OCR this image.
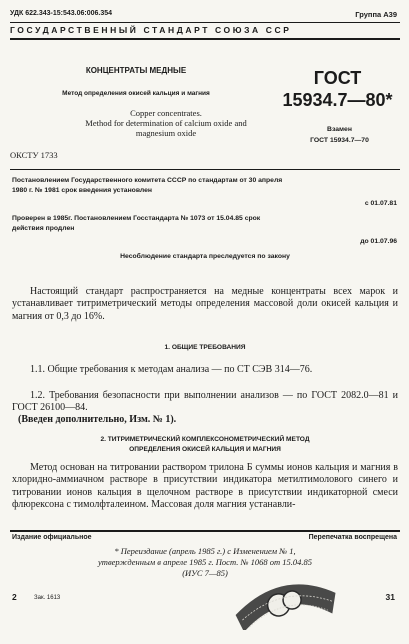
УДК 622.343-15:543.06:006.354	Группа А39
ГОСУДАРСТВЕННЫЙ СТАНДАРТ СОЮЗА ССР
КОНЦЕНТРАТЫ МЕДНЫЕ
Метод определения окисей кальция и магния
Copper concentrates.
Method for determination of calcium oxide and
magnesium oxide
ГОСТ
15934.7—80*
Взамен
ГОСТ 15934.7—70
ОКСТУ 1733
Постановлением Государственного комитета СССР по стандартам от 30 апреля
1980 г. № 1981 срок введения установлен
с 01.07.81
Проверен в 1985г. Постановлением Госстандарта № 1073 от 15.04.85 срок
действия продлен
до 01.07.96
Несоблюдение стандарта преследуется по закону
Настоящий стандарт распространяется на медные концентраты всех марок и устанавливает титриметрический методы определения массовой доли окисей кальция и магния от 0,3 до 16%.
1. ОБЩИЕ ТРЕБОВАНИЯ
1.1. Общие требования к методам анализа — по СТ СЭВ 314—76.
1.2. Требования безопасности при выполнении анализов — по ГОСТ 2082.0—81 и ГОСТ 26100—84.
(Введен дополнительно, Изм. № 1).
2. ТИТРИМЕТРИЧЕСКИЙ КОМПЛЕКСОНОМЕТРИЧЕСКИЙ МЕТОД
ОПРЕДЕЛЕНИЯ ОКИСЕЙ КАЛЬЦИЯ И МАГНИЯ
Метод основан на титровании раствором трилона Б суммы ионов кальция и магния в хлоридно-аммиачном растворе в присутствии индикатора метилтимолового синего и титровании ионов кальция в щелочном растворе в присутствии индикаторной смеси флюрексона с тимолфталеином. Массовая доля магния устанавли-
Издание официальное	Перепечатка воспрещена
* Переиздание (апрель 1985 г.) с Изменением № 1,
утвержденным в апреле 1985 г. Пост. № 1068 от 15.04.85
(ИУС 7—85)
2	Зак. 1613	31
